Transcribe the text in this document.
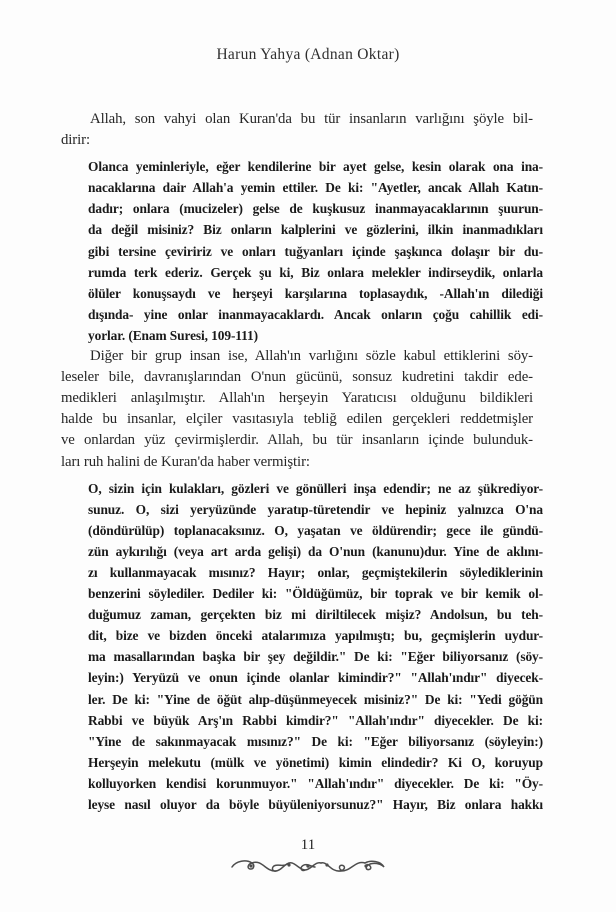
Harun Yahya (Adnan Oktar)
Allah, son vahyi olan Kuran'da bu tür insanların varlığını şöyle bil-
dirir:
Olanca yeminleriyle, eğer kendilerine bir ayet gelse, kesin olarak ona ina-
nacaklarına dair Allah'a yemin ettiler. De ki: "Ayetler, ancak Allah Katın-
dadır; onlara (mucizeler) gelse de kuşkusuz inanmayacaklarının şuurun-
da değil misiniz? Biz onların kalplerini ve gözlerini, ilkin inanmadıkları
gibi tersine çeviririz ve onları tuğyanları içinde şaşkınca dolaşır bir du-
rumda terk ederiz. Gerçek şu ki, Biz onlara melekler indirseydik, onlarla
ölüler konuşsaydı ve herşeyi karşılarına toplasaydık, -Allah'ın dilediği
dışında- yine onlar inanmayacaklardı. Ancak onların çoğu cahillik edi-
yorlar. (Enam Suresi, 109-111)
Diğer bir grup insan ise, Allah'ın varlığını sözle kabul ettiklerini söy-
leseler bile, davranışlarından O'nun gücünü, sonsuz kudretini takdir ede-
medikleri anlaşılmıştır. Allah'ın herşeyin Yaratıcısı olduğunu bildikleri
halde bu insanlar, elçiler vasıtasıyla tebliğ edilen gerçekleri reddetmişler
ve onlardan yüz çevirmişlerdir. Allah, bu tür insanların içinde bulunduk-
ları ruh halini de Kuran'da haber vermiştir:
O, sizin için kulakları, gözleri ve gönülleri inşa edendir; ne az şükrediyor-
sunuz. O, sizi yeryüzünde yaratıp-türetendir ve hepiniz yalnızca O'na
(döndürülüp) toplanacaksınız. O, yaşatan ve öldürendir; gece ile gündü-
zün aykırılığı (veya art arda gelişi) da O'nun (kanunu)dur. Yine de aklını-
zı kullanmayacak mısınız? Hayır; onlar, geçmiştekilerin söylediklerinin
benzerini söylediler. Dediler ki: "Öldüğümüz, bir toprak ve bir kemik ol-
duğumuz zaman, gerçekten biz mi diriltilecek mişiz? Andolsun, bu teh-
dit, bize ve bizden önceki atalarımıza yapılmıştı; bu, geçmişlerin uydur-
ma masallarından başka bir şey değildir." De ki: "Eğer biliyorsanız (söy-
leyin:) Yeryüzü ve onun içinde olanlar kimindir?" "Allah'ındır" diyecek-
ler. De ki: "Yine de öğüt alıp-düşünmeyecek misiniz?" De ki: "Yedi göğün
Rabbi ve büyük Arş'ın Rabbi kimdir?" "Allah'ındır" diyecekler. De ki:
"Yine de sakınmayacak mısınız?" De ki: "Eğer biliyorsanız (söyleyin:)
Herşeyin melekutu (mülk ve yönetimi) kimin elindedir? Ki O, koruyup
kolluyorken kendisi korunmuyor." "Allah'ındır" diyecekler. De ki: "Öy-
leyse nasıl oluyor da böyle büyüleniyorsunuz?" Hayır, Biz onlara hakkı
11
